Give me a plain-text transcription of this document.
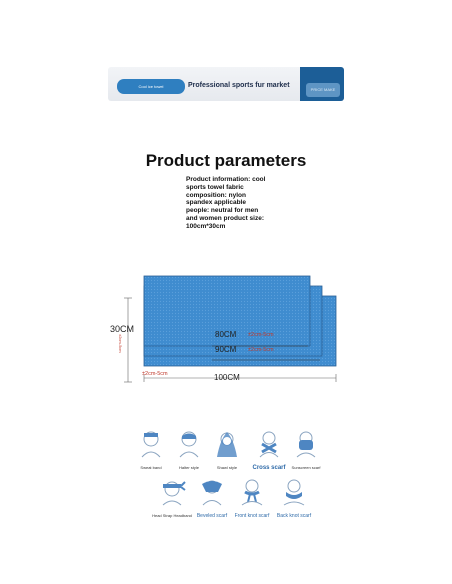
Cool ice towel	Professional sports fur market
PRICE MAKE
Product parameters
Product information: cool
sports towel fabric
composition: nylon
spandex applicable
people: neutral for men
and women product size:
100cm*30cm
30CM
±2cm-5cm	80CM ±2cm-5cm
90CM ±2cm-5cm
±2cm-5cm	100CM
Sweat band	Halter style	Shawl style	Cross scarf	Sunscreen scarf
Head Strap Headband Beveled scarf	Front knot scarf	Back knot scarf
